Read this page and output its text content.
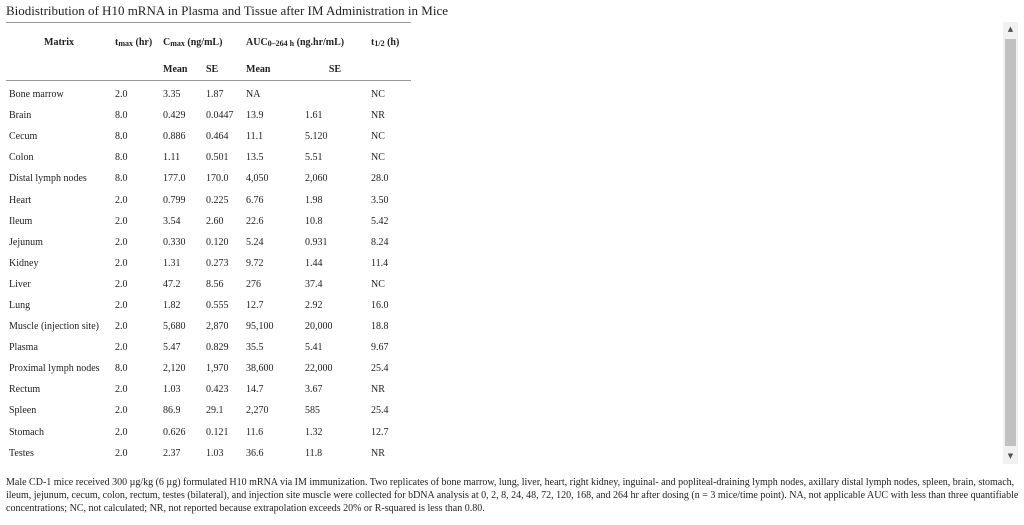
Biodistribution of H10 mRNA in Plasma and Tissue after IM Administration in Mice
Matrix	tmax (hr)	Cmax (ng/mL)		AUC0–264 h (ng.hr/mL)		t1/2 (h)
		Mean	SE	Mean	SE	
Bone marrow	2.0	3.35	1.87	NA		NC
Brain	8.0	0.429	0.0447	13.9	1.61	NR
Cecum	8.0	0.886	0.464	11.1	5.120	NC
Colon	8.0	1.11	0.501	13.5	5.51	NC
Distal lymph nodes	8.0	177.0	170.0	4,050	2,060	28.0
Heart	2.0	0.799	0.225	6.76	1.98	3.50
Ileum	2.0	3.54	2.60	22.6	10.8	5.42
Jejunum	2.0	0.330	0.120	5.24	0.931	8.24
Kidney	2.0	1.31	0.273	9.72	1.44	11.4
Liver	2.0	47.2	8.56	276	37.4	NC
Lung	2.0	1.82	0.555	12.7	2.92	16.0
Muscle (injection site)	2.0	5,680	2,870	95,100	20,000	18.8
Plasma	2.0	5.47	0.829	35.5	5.41	9.67
Proximal lymph nodes	8.0	2,120	1,970	38,600	22,000	25.4
Rectum	2.0	1.03	0.423	14.7	3.67	NR
Spleen	2.0	86.9	29.1	2,270	585	25.4
Stomach	2.0	0.626	0.121	11.6	1.32	12.7
Testes	2.0	2.37	1.03	36.6	11.8	NR
▲
▼
Male CD-1 mice received 300 µg/kg (6 µg) formulated H10 mRNA via IM immunization. Two replicates of bone marrow, lung, liver, heart, right kidney, inguinal- and popliteal-draining lymph nodes, axillary distal lymph nodes, spleen, brain, stomach, ileum, jejunum, cecum, colon, rectum, testes (bilateral), and injection site muscle were collected for bDNA analysis at 0, 2, 8, 24, 48, 72, 120, 168, and 264 hr after dosing (n = 3 mice/time point). NA, not applicable AUC with less than three quantifiable concentrations; NC, not calculated; NR, not reported because extrapolation exceeds 20% or R-squared is less than 0.80.
